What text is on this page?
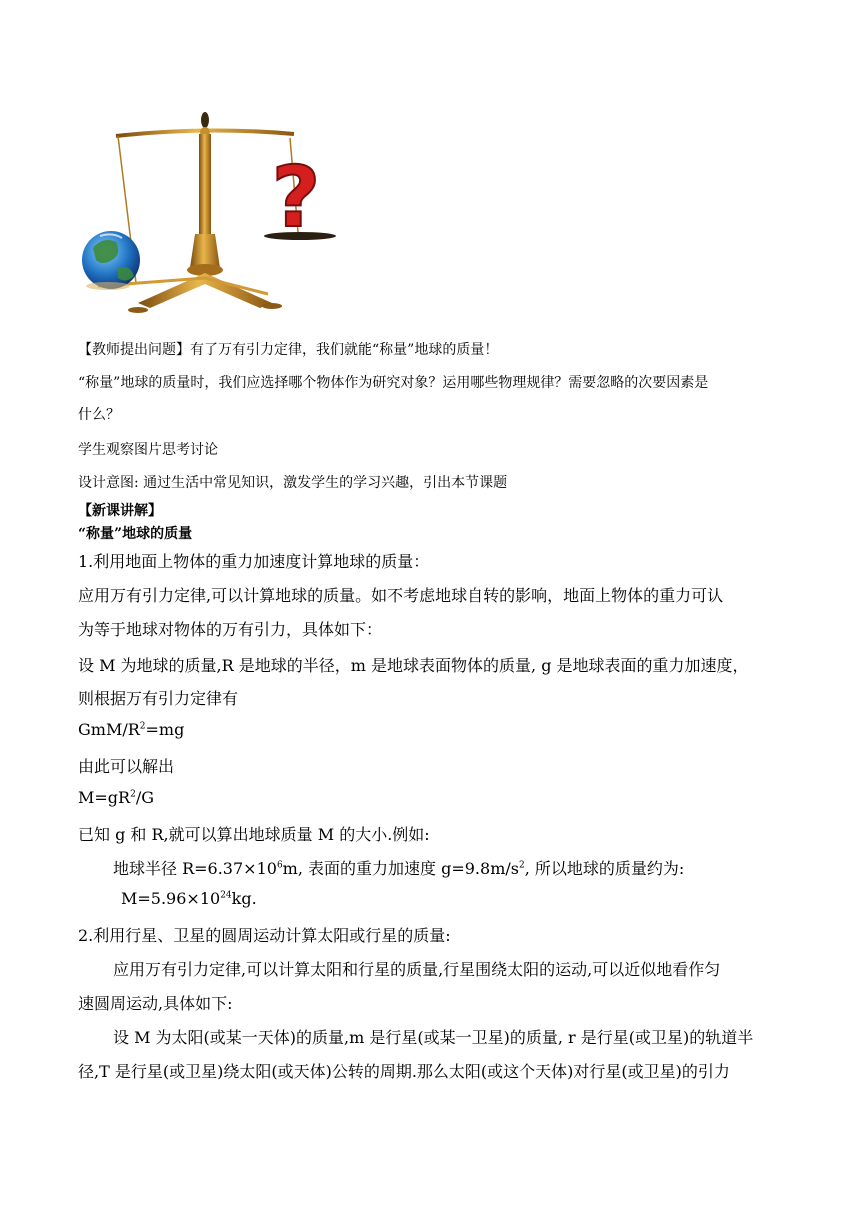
?
【教师提出问题】有了万有引力定律，我们就能“称量”地球的质量！
“称量”地球的质量时，我们应选择哪个物体作为研究对象？运用哪些物理规律？需要忽略的次要因素是
什么？
学生观察图片思考讨论
设计意图: 通过生活中常见知识，激发学生的学习兴趣，引出本节课题
【新课讲解】
“称量”地球的质量
1.利用地面上物体的重力加速度计算地球的质量：
应用万有引力定律,可以计算地球的质量。如不考虑地球自转的影响，地面上物体的重力可认
为等于地球对物体的万有引力，具体如下：
设 M 为地球的质量,R 是地球的半径，m 是地球表面物体的质量, g 是地球表面的重力加速度，
则根据万有引力定律有
GmM/$R^2=mg$
由此可以解出
$M=gR^2/G$
已知 g 和 R,就可以算出地球质量 M 的大小.例如:
地球半径 $R=6.37\times 10^6m$, 表面的重力加速度 $g=9.8m/s^2$, 所以地球的质量约为:
$M=5.96\times 10^{24}kg$.
2.利用行星、卫星的圆周运动计算太阳或行星的质量:
应用万有引力定律,可以计算太阳和行星的质量,行星围绕太阳的运动,可以近似地看作匀
速圆周运动,具体如下:
设 M 为太阳(或某一天体)的质量,m 是行星(或某一卫星)的质量, r 是行星(或卫星)的轨道半
径,T 是行星(或卫星)绕太阳(或天体)公转的周期.那么太阳(或这个天体)对行星(或卫星)的引力
